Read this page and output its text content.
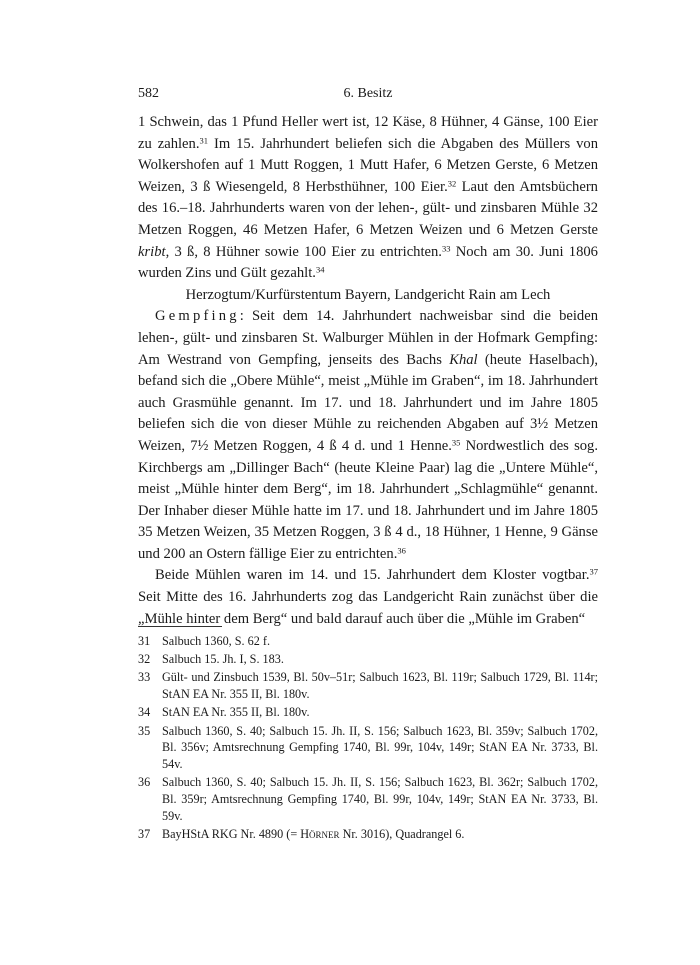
582	6. Besitz

1 Schwein, das 1 Pfund Heller wert ist, 12 Käse, 8 Hühner, 4 Gänse, 100 Eier zu zahlen.$^{31}$ Im 15. Jahrhundert beliefen sich die Abgaben des Müllers von Wolkershofen auf 1 Mutt Roggen, 1 Mutt Hafer, 6 Metzen Gerste, 6 Metzen Weizen, 3 ß Wiesengeld, 8 Herbsthühner, 100 Eier.$^{32}$ Laut den Amtsbüchern des 16.–18. Jahrhunderts waren von der lehen-, gült- und zinsbaren Mühle 32 Metzen Roggen, 46 Metzen Hafer, 6 Metzen Weizen und 6 Metzen Gerste kribt, 3 ß, 8 Hühner sowie 100 Eier zu entrichten.$^{33}$ Noch am 30. Juni 1806 wurden Zins und Gült gezahlt.$^{34}$

Herzogtum/Kurfürstentum Bayern, Landgericht Rain am Lech

Gempfing: Seit dem 14. Jahrhundert nachweisbar sind die beiden lehen-, gült- und zinsbaren St. Walburger Mühlen in der Hofmark Gempfing: Am Westrand von Gempfing, jenseits des Bachs Khal (heute Haselbach), befand sich die „Obere Mühle“, meist „Mühle im Graben“, im 18. Jahrhundert auch Grasmühle genannt. Im 17. und 18. Jahrhundert und im Jahre 1805 beliefen sich die von dieser Mühle zu reichenden Abgaben auf 3½ Metzen Weizen, 7½ Metzen Roggen, 4 ß 4 d. und 1 Henne.$^{35}$ Nordwestlich des sog. Kirchbergs am „Dillinger Bach“ (heute Kleine Paar) lag die „Untere Mühle“, meist „Mühle hinter dem Berg“, im 18. Jahrhundert „Schlagmühle“ genannt. Der Inhaber dieser Mühle hatte im 17. und 18. Jahrhundert und im Jahre 1805 35 Metzen Weizen, 35 Metzen Roggen, 3 ß 4 d., 18 Hühner, 1 Henne, 9 Gänse und 200 an Ostern fällige Eier zu entrichten.$^{36}$

Beide Mühlen waren im 14. und 15. Jahrhundert dem Kloster vogtbar.$^{37}$ Seit Mitte des 16. Jahrhunderts zog das Landgericht Rain zunächst über die „Mühle hinter dem Berg“ und bald darauf auch über die „Mühle im Graben“

31 Salbuch 1360, S. 62 f.
32 Salbuch 15. Jh. I, S. 183.
33 Gült- und Zinsbuch 1539, Bl. 50v–51r; Salbuch 1623, Bl. 119r; Salbuch 1729, Bl. 114r; StAN EA Nr. 355 II, Bl. 180v.
34 StAN EA Nr. 355 II, Bl. 180v.
35 Salbuch 1360, S. 40; Salbuch 15. Jh. II, S. 156; Salbuch 1623, Bl. 359v; Salbuch 1702, Bl. 356v; Amtsrechnung Gempfing 1740, Bl. 99r, 104v, 149r; StAN EA Nr. 3733, Bl. 54v.
36 Salbuch 1360, S. 40; Salbuch 15. Jh. II, S. 156; Salbuch 1623, Bl. 362r; Salbuch 1702, Bl. 359r; Amtsrechnung Gempfing 1740, Bl. 99r, 104v, 149r; StAN EA Nr. 3733, Bl. 59v.
37 BayHStA RKG Nr. 4890 (= Hörner Nr. 3016), Quadrangel 6.
